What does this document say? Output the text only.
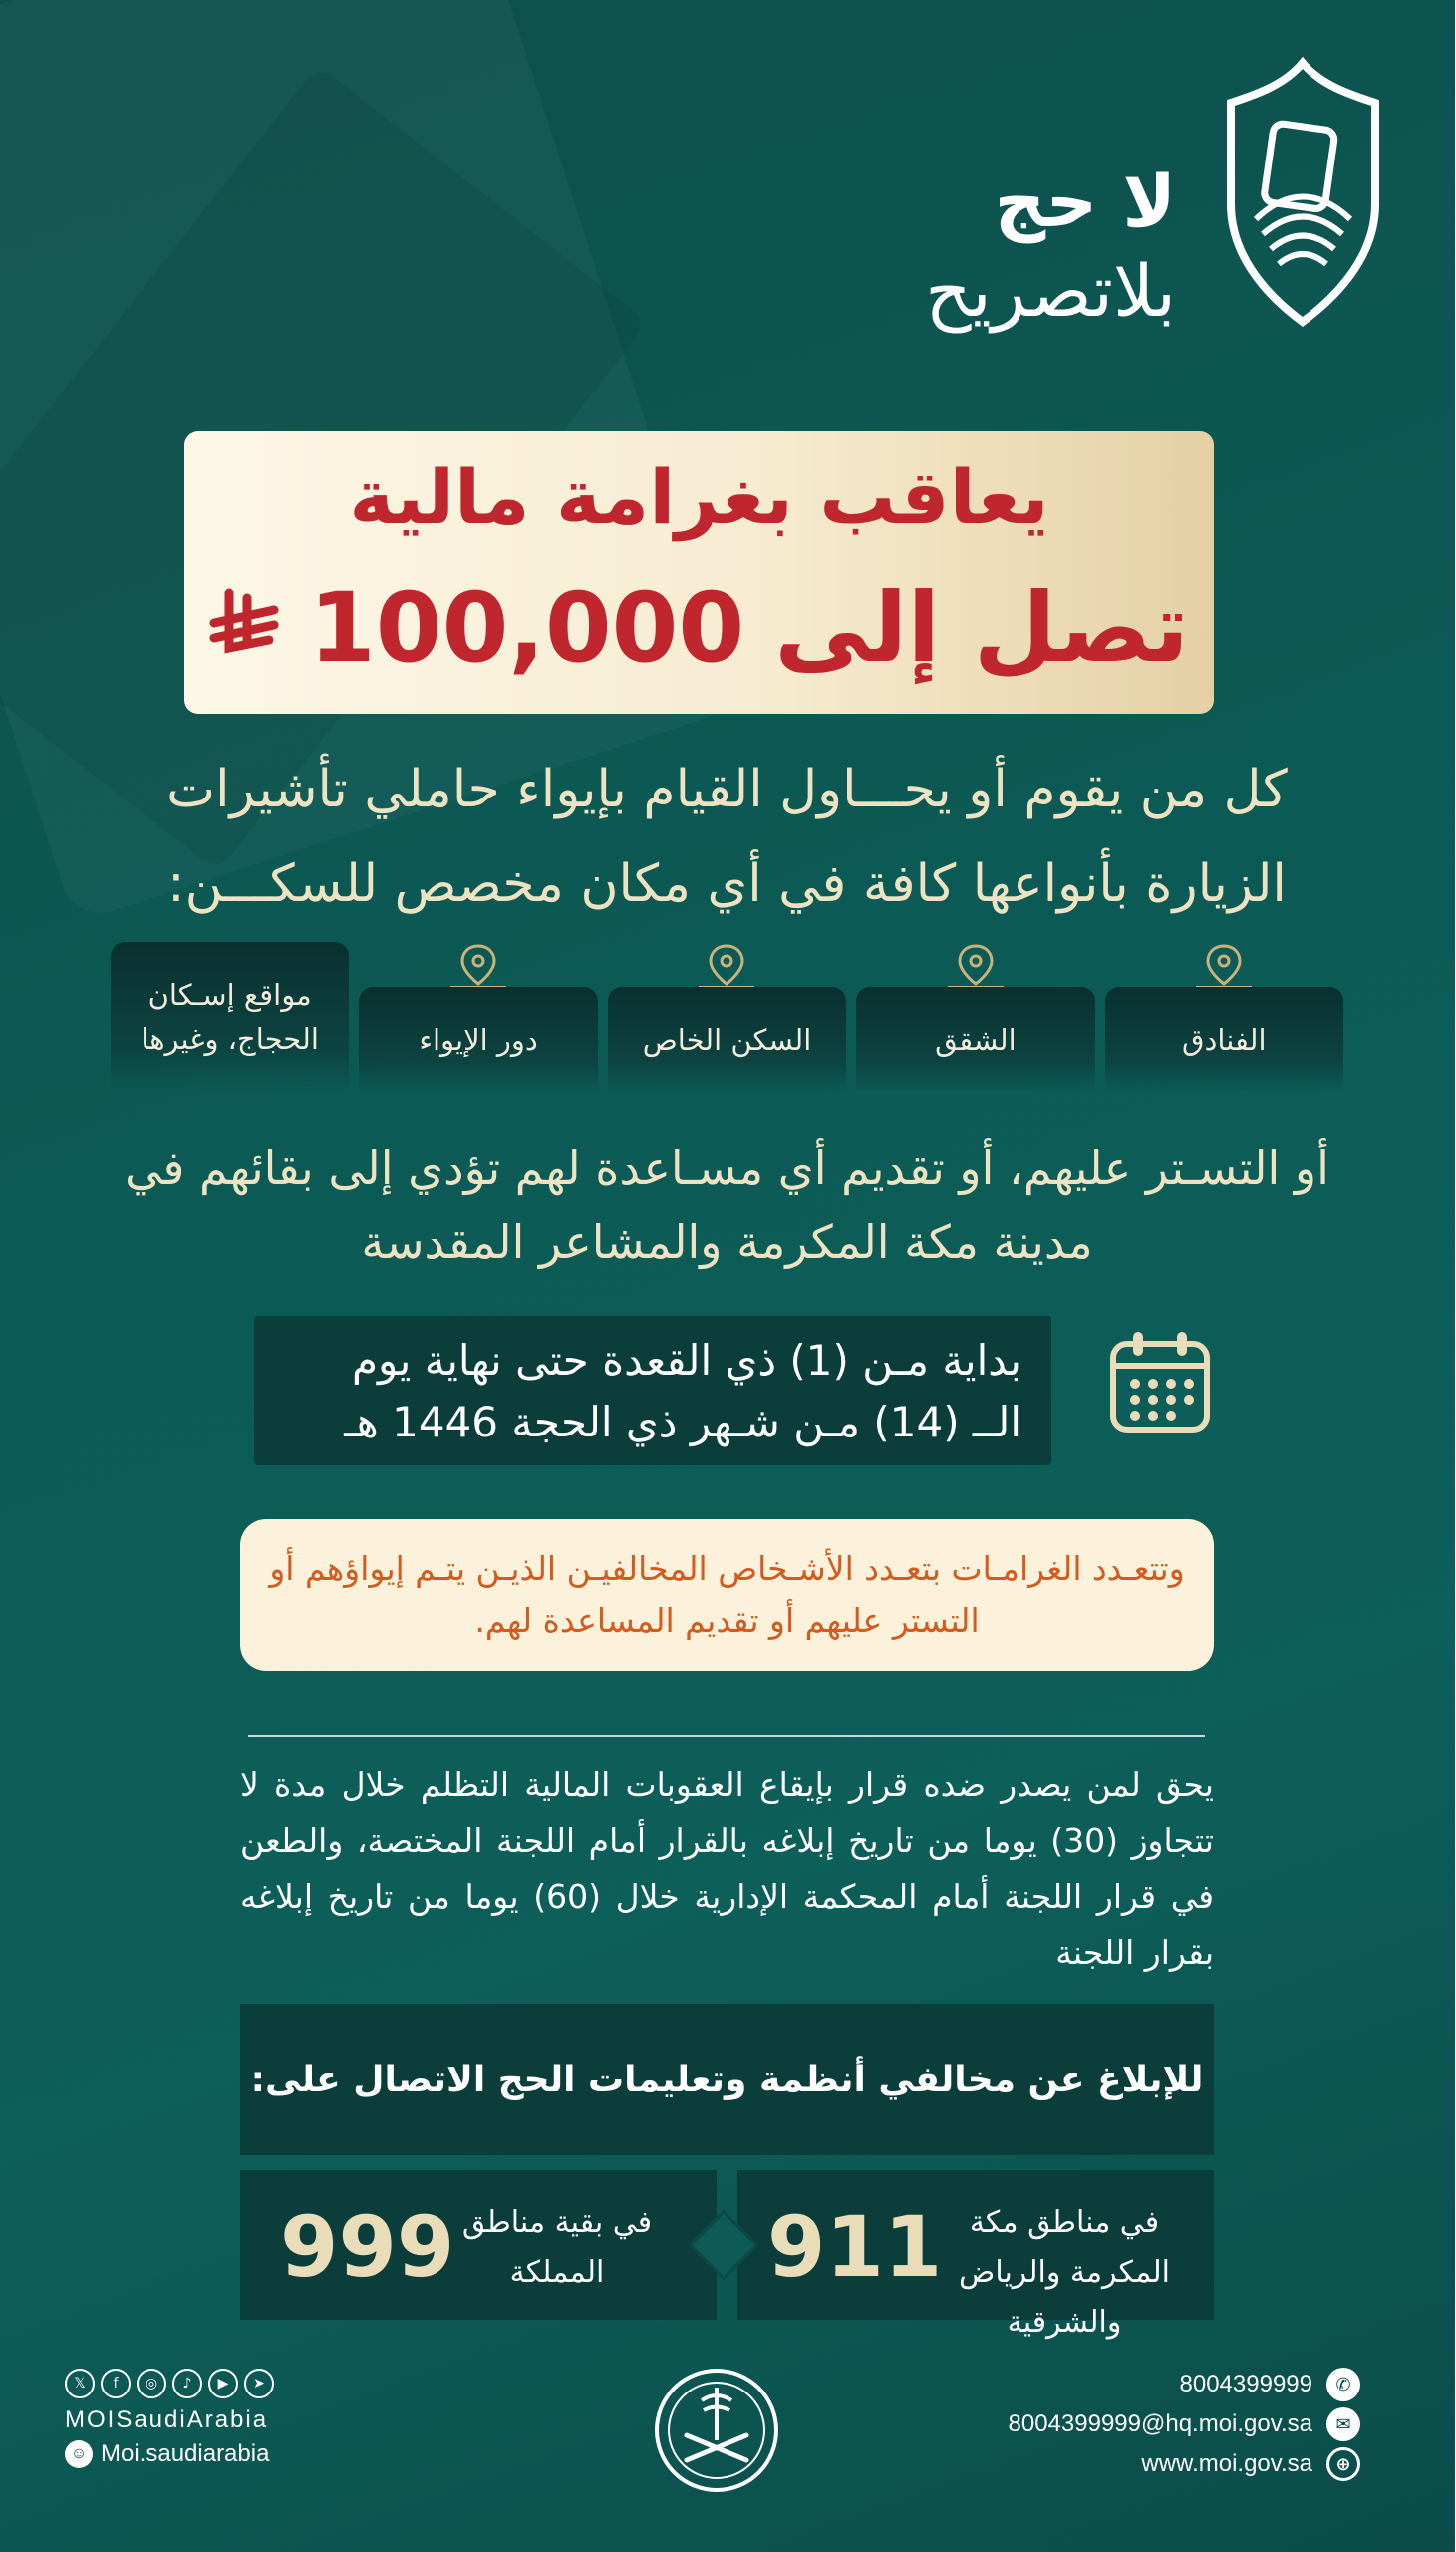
لا حج
بلاتصريح
يعاقب بغرامة مالية
تصل إلى
100,000
كل من يقوم أو يحـــاول القيام بإيواء حاملي تأشيرات الزيارة بأنواعها كافة في أي مكان مخصص للسكـــن:
الفنادق
الشقق
السكن الخاص
دور الإيواء
مواقع إسـكان الحجاج، وغيرها
أو التسـتر عليهم، أو تقديم أي مسـاعدة لهم تؤدي إلى بقائهم في مدينة مكة المكرمة والمشاعر المقدسة
بداية مـن (1) ذي القعدة حتى نهاية يوم
الــ (14) مـن شـهر ذي الحجة 1446 هـ
وتتعـدد الغرامـات بتعـدد الأشـخاص المخالفيـن الذيـن يتـم إيواؤهم أو التستر عليهم أو تقديم المساعدة لهم.
يحق لمن يصدر ضده قرار بإيقاع العقوبات المالية التظلم خلال مدة لا تتجاوز (30) يوما من تاريخ إبلاغه بالقرار أمام اللجنة المختصة، والطعن في قرار اللجنة أمام المحكمة الإدارية خلال (60) يوما من تاريخ إبلاغه بقرار اللجنة
للإبلاغ عن مخالفي أنظمة وتعليمات الحج الاتصال على:
911 في مناطق مكة المكرمة والرياض والشرقية
999 في بقية مناطق المملكة
✆
8004399999
✉
8004399999@hq.moi.gov.sa
⊕
www.moi.gov.sa
𝕏	f	◎	♪	▶	➤
MOISaudiArabia
☺ Moi.saudiarabia
